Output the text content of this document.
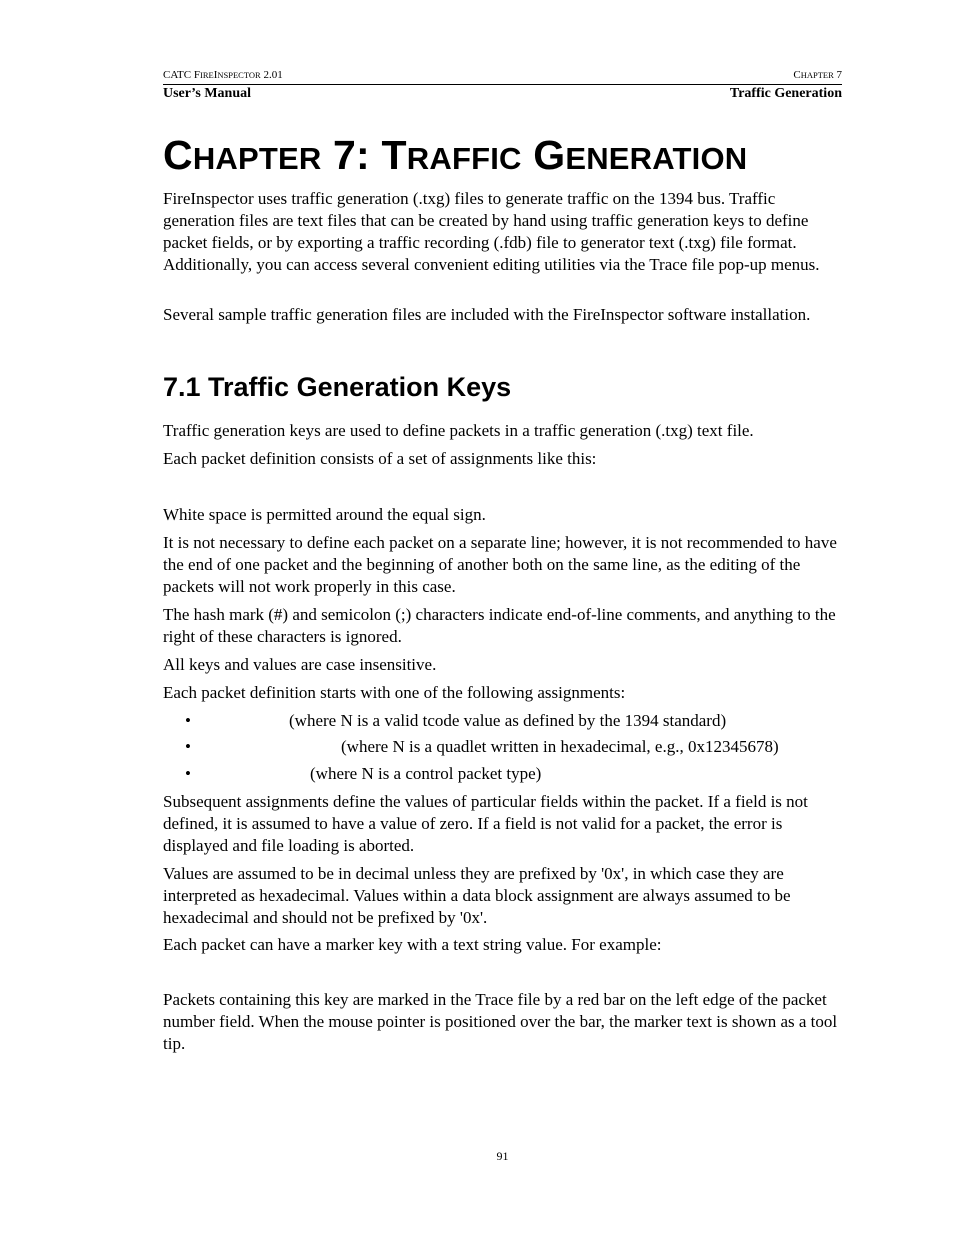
CATC FIREINSPECTOR 2.01	CHAPTER 7
User’s Manual	Traffic Generation
CHAPTER 7: TRAFFIC GENERATION

FireInspector uses traffic generation (.txg) files to generate traffic on the 1394 bus. Traffic generation files are text files that can be created by hand using traffic generation keys to define packet fields, or by exporting a traffic recording (.fdb) file to generator text (.txg) file format. Additionally, you can access several convenient editing utilities via the Trace file pop-up menus.

Several sample traffic generation files are included with the FireInspector software installation.

7.1 Traffic Generation Keys

Traffic generation keys are used to define packets in a traffic generation (.txg) text file.

Each packet definition consists of a set of assignments like this:

White space is permitted around the equal sign.

It is not necessary to define each packet on a separate line; however, it is not recommended to have the end of one packet and the beginning of another both on the same line, as the editing of the packets will not work properly in this case.

The hash mark (#) and semicolon (;) characters indicate end-of-line comments, and anything to the right of these characters is ignored.

All keys and values are case insensitive.

Each packet definition starts with one of the following assignments:

•	(where N is a valid tcode value as defined by the 1394 standard)
•	(where N is a quadlet written in hexadecimal, e.g., 0x12345678)
•	(where N is a control packet type)

Subsequent assignments define the values of particular fields within the packet. If a field is not defined, it is assumed to have a value of zero. If a field is not valid for a packet, the error is displayed and file loading is aborted.

Values are assumed to be in decimal unless they are prefixed by '0x', in which case they are interpreted as hexadecimal. Values within a data block assignment are always assumed to be hexadecimal and should not be prefixed by '0x'.

Each packet can have a marker key with a text string value. For example:

Packets containing this key are marked in the Trace file by a red bar on the left edge of the packet number field. When the mouse pointer is positioned over the bar, the marker text is shown as a tool tip.

91
